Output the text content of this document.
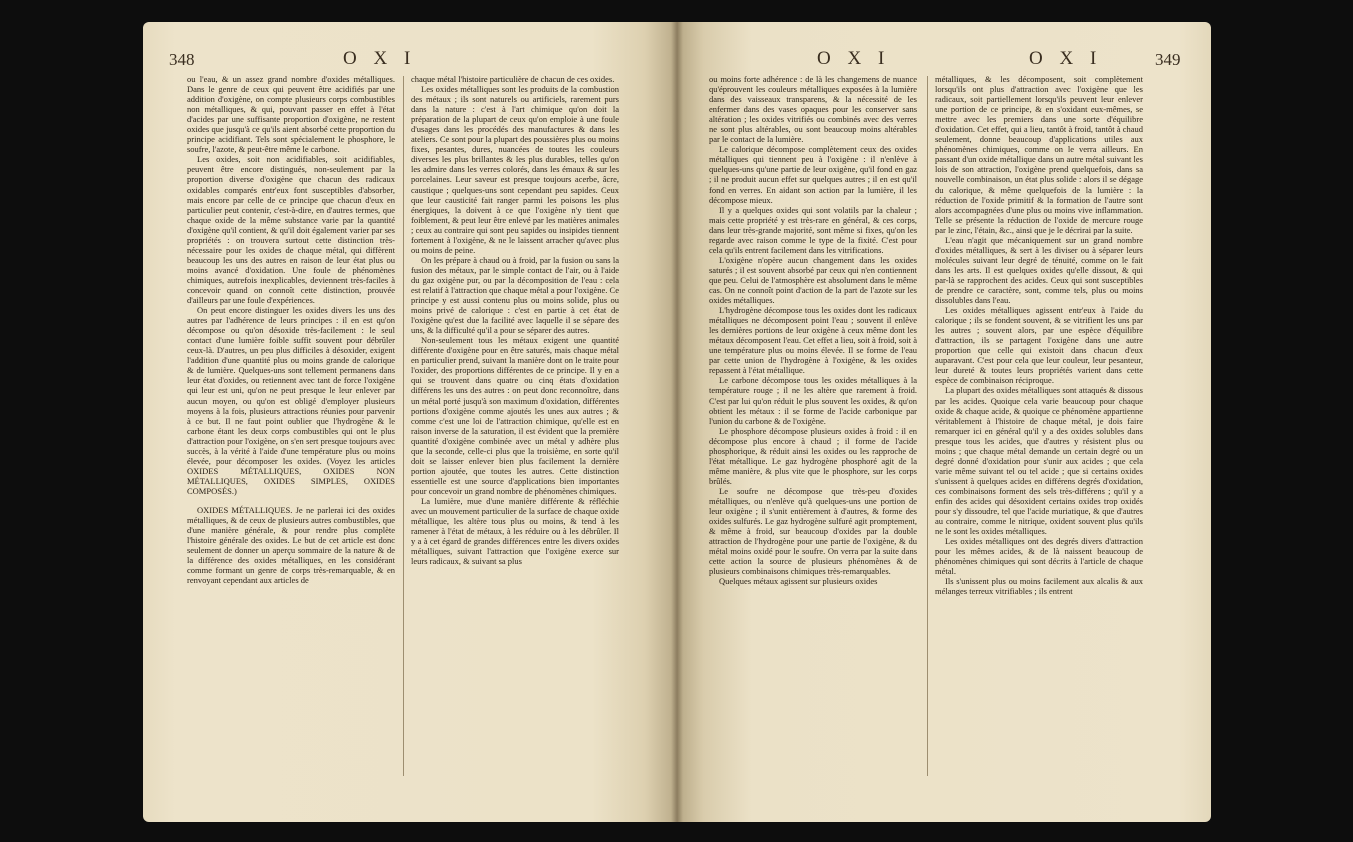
348	O X I

ou l'eau, & un assez grand nombre d'oxides métalliques. Dans le genre de ceux qui peuvent être acidifiés par une addition d'oxigène, on compte plusieurs corps combustibles non métalliques, & qui, pouvant passer en effet à l'état d'acides par une suffisante proportion d'oxigène, ne restent oxides que jusqu'à ce qu'ils aient absorbé cette proportion du principe acidifiant. Tels sont spécialement le phosphore, le soufre, l'azote, & peut-être même le carbone.

Les oxides, soit non acidifiables, soit acidifiables, peuvent être encore distingués, non-seulement par la proportion diverse d'oxigène que chacun des radicaux oxidables comparés entr'eux font susceptibles d'absorber, mais encore par celle de ce principe que chacun d'eux en particulier peut contenir, c'est-à-dire, en d'autres termes, que chaque oxide de la même substance varie par la quantité d'oxigène qu'il contient, & qu'il doit également varier par ses propriétés : on trouvera surtout cette distinction très-nécessaire pour les oxides de chaque métal, qui diffèrent beaucoup les uns des autres en raison de leur état plus ou moins avancé d'oxidation. Une foule de phénomènes chimiques, autrefois inexplicables, deviennent très-faciles à concevoir quand on connoît cette distinction, prouvée d'ailleurs par une foule d'expériences.

On peut encore distinguer les oxides divers les uns des autres par l'adhérence de leurs principes : il en est qu'on décompose ou qu'on désoxide très-facilement : le seul contact d'une lumière foible suffit souvent pour débrûler ceux-là. D'autres, un peu plus difficiles à désoxider, exigent l'addition d'une quantité plus ou moins grande de calorique & de lumière. Quelques-uns sont tellement permanens dans leur état d'oxides, ou retiennent avec tant de force l'oxigène qui leur est uni, qu'on ne peut presque le leur enlever par aucun moyen, ou qu'on est obligé d'employer plusieurs moyens à la fois, plusieurs attractions réunies pour parvenir à ce but. Il ne faut point oublier que l'hydrogène & le carbone étant les deux corps combustibles qui ont le plus d'attraction pour l'oxigène, on s'en sert presque toujours avec succès, à la vérité à l'aide d'une température plus ou moins élevée, pour décomposer les oxides. (Voyez les articles OXIDES MÉTALLIQUES, OXIDES NON MÉTALLIQUES, OXIDES SIMPLES, OXIDES COMPOSÉS.)

OXIDES MÉTALLIQUES. Je ne parlerai ici des oxides métalliques, & de ceux de plusieurs autres combustibles, que d'une manière générale, & pour rendre plus complète l'histoire générale des oxides. Le but de cet article est donc seulement de donner un aperçu sommaire de la nature & de la différence des oxides métalliques, en les considérant comme formant un genre de corps très-remarquable, & en renvoyant cependant aux articles de

chaque métal l'histoire particulière de chacun de ces oxides.

Les oxides métalliques sont les produits de la combustion des métaux ; ils sont naturels ou artificiels, rarement purs dans la nature : c'est à l'art chimique qu'on doit la préparation de la plupart de ceux qu'on emploie à une foule d'usages dans les procédés des manufactures & dans les ateliers. Ce sont pour la plupart des poussières plus ou moins fixes, pesantes, dures, nuancées de toutes les couleurs diverses les plus brillantes & les plus durables, telles qu'on les admire dans les verres colorés, dans les émaux & sur les porcelaines. Leur saveur est presque toujours acerbe, âcre, caustique ; quelques-uns sont cependant peu sapides. Ceux que leur causticité fait ranger parmi les poisons les plus énergiques, la doivent à ce que l'oxigène n'y tient que foiblement, & peut leur être enlevé par les matières animales ; ceux au contraire qui sont peu sapides ou insipides tiennent fortement à l'oxigène, & ne le laissent arracher qu'avec plus ou moins de peine.

On les prépare à chaud ou à froid, par la fusion ou sans la fusion des métaux, par le simple contact de l'air, ou à l'aide du gaz oxigène pur, ou par la décomposition de l'eau : cela est relatif à l'attraction que chaque métal a pour l'oxigène. Ce principe y est aussi contenu plus ou moins solide, plus ou moins privé de calorique : c'est en partie à cet état de l'oxigène qu'est due la facilité avec laquelle il se sépare des uns, & la difficulté qu'il a pour se séparer des autres.

Non-seulement tous les métaux exigent une quantité différente d'oxigène pour en être saturés, mais chaque métal en particulier prend, suivant la manière dont on le traite pour l'oxider, des proportions différentes de ce principe. Il y en a qui se trouvent dans quatre ou cinq états d'oxidation différens les uns des autres : on peut donc reconnoître, dans un métal porté jusqu'à son maximum d'oxidation, différentes portions d'oxigène comme ajoutés les unes aux autres ; & comme c'est une loi de l'attraction chimique, qu'elle est en raison inverse de la saturation, il est évident que la première quantité d'oxigène combinée avec un métal y adhère plus que la seconde, celle-ci plus que la troisième, en sorte qu'il doit se laisser enlever bien plus facilement la dernière portion ajoutée, que toutes les autres. Cette distinction essentielle est une source d'applications bien importantes pour concevoir un grand nombre de phénomènes chimiques.

La lumière, mue d'une manière différente & réfléchie avec un mouvement particulier de la surface de chaque oxide métallique, les altère tous plus ou moins, & tend à les ramener à l'état de métaux, à les réduire ou à les débrûler. Il y a à cet égard de grandes différences entre les divers oxides métalliques, suivant l'attraction que l'oxigène exerce sur leurs radicaux, & suivant sa plus

O X I	O X I	349

ou moins forte adhérence : de là les changemens de nuance qu'éprouvent les couleurs métalliques exposées à la lumière dans des vaisseaux transparens, & la nécessité de les enfermer dans des vases opaques pour les conserver sans altération ; les oxides vitrifiés ou combinés avec des verres ne sont plus altérables, ou sont beaucoup moins altérables par le contact de la lumière.

Le calorique décompose complètement ceux des oxides métalliques qui tiennent peu à l'oxigène : il n'enlève à quelques-uns qu'une partie de leur oxigène, qu'il fond en gaz ; il ne produit aucun effet sur quelques autres ; il en est qu'il fond en verres. En aidant son action par la lumière, il les décompose mieux.

Il y a quelques oxides qui sont volatils par la chaleur ; mais cette propriété y est très-rare en général, & ces corps, dans leur très-grande majorité, sont même si fixes, qu'on les regarde avec raison comme le type de la fixité. C'est pour cela qu'ils entrent facilement dans les vitrifications.

L'oxigène n'opère aucun changement dans les oxides saturés ; il est souvent absorbé par ceux qui n'en contiennent que peu. Celui de l'atmosphère est absolument dans le même cas. On ne connoît point d'action de la part de l'azote sur les oxides métalliques.

L'hydrogène décompose tous les oxides dont les radicaux métalliques ne décomposent point l'eau ; souvent il enlève les dernières portions de leur oxigène à ceux même dont les métaux décomposent l'eau. Cet effet a lieu, soit à froid, soit à une température plus ou moins élevée. Il se forme de l'eau par cette union de l'hydrogène à l'oxigène, & les oxides repassent à l'état métallique.

Le carbone décompose tous les oxides métalliques à la température rouge ; il ne les altère que rarement à froid. C'est par lui qu'on réduit le plus souvent les oxides, & qu'on obtient les métaux : il se forme de l'acide carbonique par l'union du carbone & de l'oxigène.

Le phosphore décompose plusieurs oxides à froid : il en décompose plus encore à chaud ; il forme de l'acide phosphorique, & réduit ainsi les oxides ou les rapproche de l'état métallique. Le gaz hydrogène phosphoré agit de la même manière, & plus vite que le phosphore, sur les corps brûlés.

Le soufre ne décompose que très-peu d'oxides métalliques, ou n'enlève qu'à quelques-uns une portion de leur oxigène ; il s'unit entièrement à d'autres, & forme des oxides sulfurés. Le gaz hydrogène sulfuré agit promptement, & même à froid, sur beaucoup d'oxides par la double attraction de l'hydrogène pour une partie de l'oxigène, & du métal moins oxidé pour le soufre. On verra par la suite dans cette action la source de plusieurs phénomènes & de plusieurs combinaisons chimiques très-remarquables.

Quelques métaux agissent sur plusieurs oxides

métalliques, & les décomposent, soit complètement lorsqu'ils ont plus d'attraction avec l'oxigène que les radicaux, soit partiellement lorsqu'ils peuvent leur enlever une portion de ce principe, & en s'oxidant eux-mêmes, se mettre avec les premiers dans une sorte d'équilibre d'oxidation. Cet effet, qui a lieu, tantôt à froid, tantôt à chaud seulement, donne beaucoup d'applications utiles aux phénomènes chimiques, comme on le verra ailleurs. En passant d'un oxide métallique dans un autre métal suivant les lois de son attraction, l'oxigène prend quelquefois, dans sa nouvelle combinaison, un état plus solide : alors il se dégage du calorique, & même quelquefois de la lumière : la réduction de l'oxide primitif & la formation de l'autre sont alors accompagnées d'une plus ou moins vive inflammation. Telle se présente la réduction de l'oxide de mercure rouge par le zinc, l'étain, &c., ainsi que je le décrirai par la suite.

L'eau n'agit que mécaniquement sur un grand nombre d'oxides métalliques, & sert à les diviser ou à séparer leurs molécules suivant leur degré de ténuité, comme on le fait dans les arts. Il est quelques oxides qu'elle dissout, & qui par-là se rapprochent des acides. Ceux qui sont susceptibles de prendre ce caractère, sont, comme tels, plus ou moins dissolubles dans l'eau.

Les oxides métalliques agissent entr'eux à l'aide du calorique ; ils se fondent souvent, & se vitrifient les uns par les autres ; souvent alors, par une espèce d'équilibre d'attraction, ils se partagent l'oxigène dans une autre proportion que celle qui existoit dans chacun d'eux auparavant. C'est pour cela que leur couleur, leur pesanteur, leur dureté & toutes leurs propriétés varient dans cette espèce de combinaison réciproque.

La plupart des oxides métalliques sont attaqués & dissous par les acides. Quoique cela varie beaucoup pour chaque oxide & chaque acide, & quoique ce phénomène appartienne véritablement à l'histoire de chaque métal, je dois faire remarquer ici en général qu'il y a des oxides solubles dans presque tous les acides, que d'autres y résistent plus ou moins ; que chaque métal demande un certain degré ou un degré donné d'oxidation pour s'unir aux acides ; que cela varie même suivant tel ou tel acide ; que si certains oxides s'unissent à quelques acides en différens degrés d'oxidation, ces combinaisons forment des sels très-différens ; qu'il y a enfin des acides qui désoxident certains oxides trop oxidés pour s'y dissoudre, tel que l'acide muriatique, & que d'autres au contraire, comme le nitrique, oxident souvent plus qu'ils ne le sont les oxides métalliques.

Les oxides métalliques ont des degrés divers d'attraction pour les mêmes acides, & de là naissent beaucoup de phénomènes chimiques qui sont décrits à l'article de chaque métal.

Ils s'unissent plus ou moins facilement aux alcalis & aux mélanges terreux vitrifiables ; ils entrent
